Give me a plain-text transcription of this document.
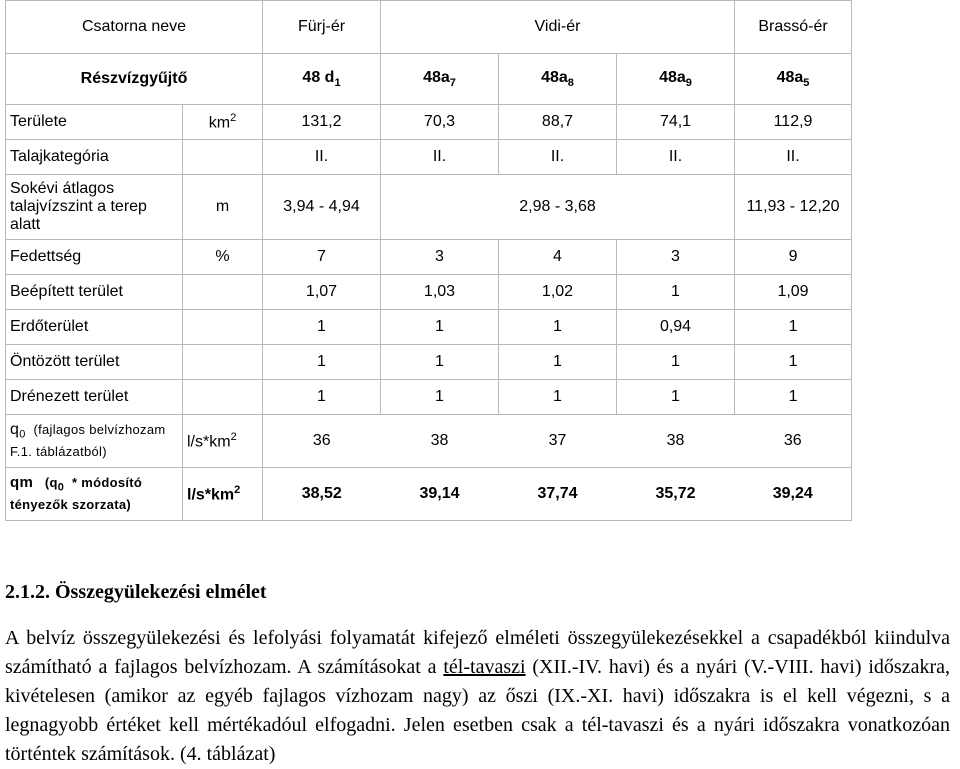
Csatorna neve		Fürj-ér	Vidi-ér			Brassó-ér
Részvízgyűjtő		48 $d_1$	$48a_7$	$48a_8$	$48a_9$	$48a_5$
Területe	$km^2$	131,2	70,3	88,7	74,1	112,9
Talajkategória		II.	II.	II.	II.	II.

Sokévi átlagos
talajvízszint a terep
alatt	m	3,94 - 4,94	2,98 - 3,68			11,93 - 12,20
Fedettség	%	7	3	4	3	9
Beépített terület		1,07	1,03	1,02	1	1,09
Erdőterület		1	1	1	0,94	1
Öntözött terület		1	1	1	1	1
Drénezett terület		1	1	1	1	1

$q_0$ (fajlagos belvízhozam
F.1. táblázatból)	$l/s*km^2$	36	38	37	38	36

qm ($q_0$ * módosító
tényezők szorzata)	$l/s*km^2$	38,52	39,14	37,74	35,72	39,24
2.1.2. Összegyülekezési elmélet

A belvíz összegyülekezési és lefolyási folyamatát kifejező elméleti összegyülekezésekkel a csapadékból kiindulva számítható a fajlagos belvízhozam. A számításokat a tél-tavaszi (XII.-IV. havi) és a nyári (V.-VIII. havi) időszakra, kivételesen (amikor az egyéb fajlagos vízhozam nagy) az őszi (IX.-XI. havi) időszakra is el kell végezni, s a legnagyobb értéket kell mértékadóul elfogadni. Jelen esetben csak a tél-tavaszi és a nyári időszakra vonatkozóan történtek számítások. (4. táblázat)
